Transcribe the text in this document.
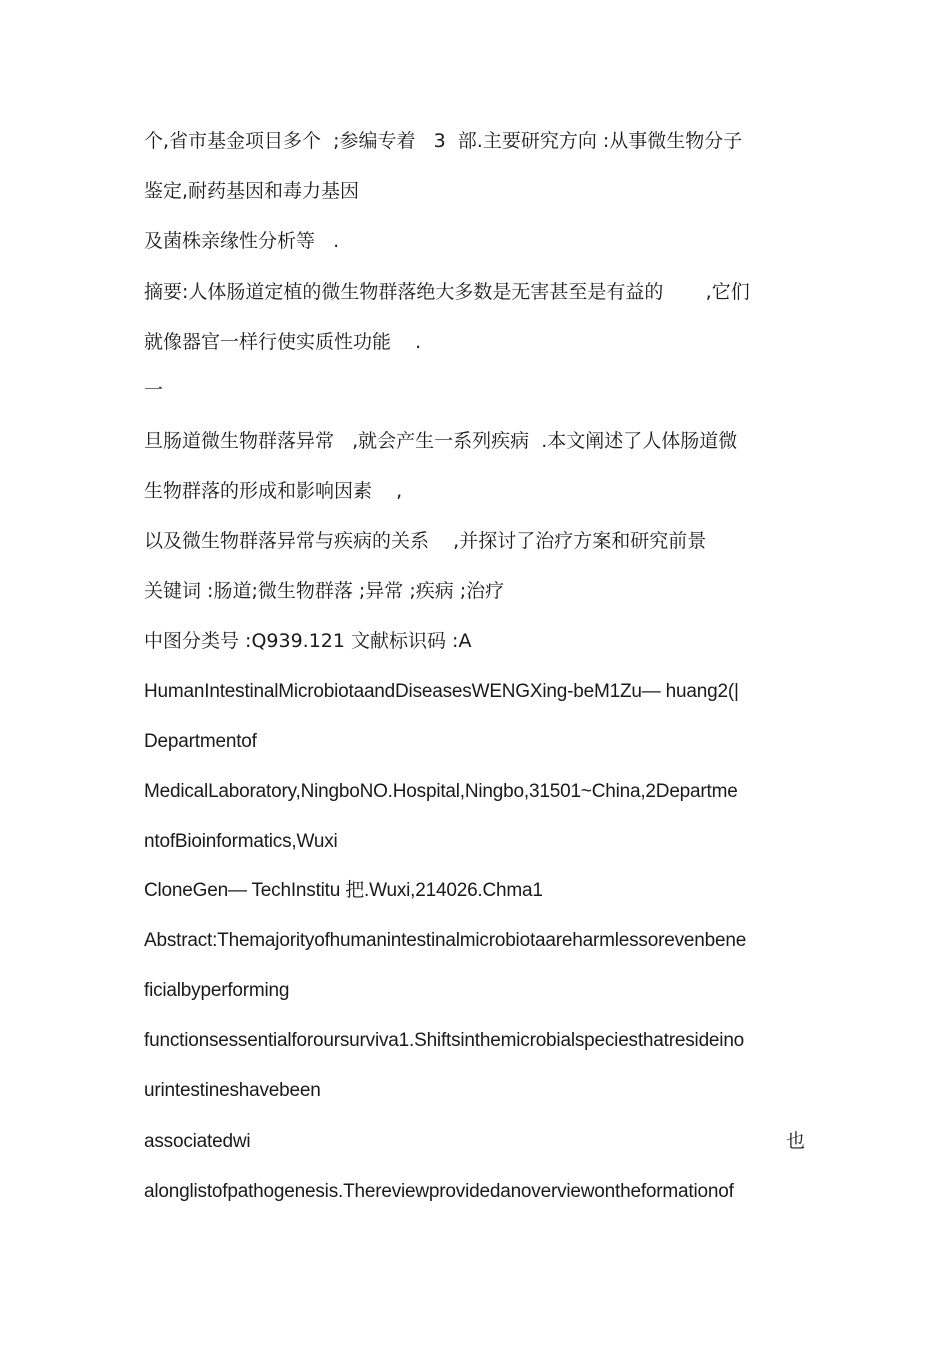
个,省市基金项目多个  ;参编专着   3  部.主要研究方向 :从事微生物分子
鉴定,耐药基因和毒力基因
及菌株亲缘性分析等   .
摘要:人体肠道定植的微生物群落绝大多数是无害甚至是有益的       ,它们
就像器官一样行使实质性功能    .
一
旦肠道微生物群落异常   ,就会产生一系列疾病  .本文阐述了人体肠道微
生物群落的形成和影响因素    ,
以及微生物群落异常与疾病的关系    ,并探讨了治疗方案和研究前景
关键词 :肠道;微生物群落 ;异常 ;疾病 ;治疗
中图分类号 :Q939.121 文献标识码 :A
HumanIntestinalMicrobiotaandDiseasesWENGXing-beM1Zu— huang2(|
Departmentof
MedicalLaboratory,NingboNO.Hospital,Ningbo,31501~China,2Departme
ntofBioinformatics,Wuxi
CloneGen— TechInstitu 把.Wuxi,214026.Chma1
Abstract:Themajorityofhumanintestinalmicrobiotaareharmlessorevenbene
ficialbyperforming
functionsessentialforoursurviva1.Shiftsinthemicrobialspeciesthatresideino
urintestineshavebeen
associatedwi	也
alonglistofpathogenesis.Thereviewprovidedanoverviewontheformationof
